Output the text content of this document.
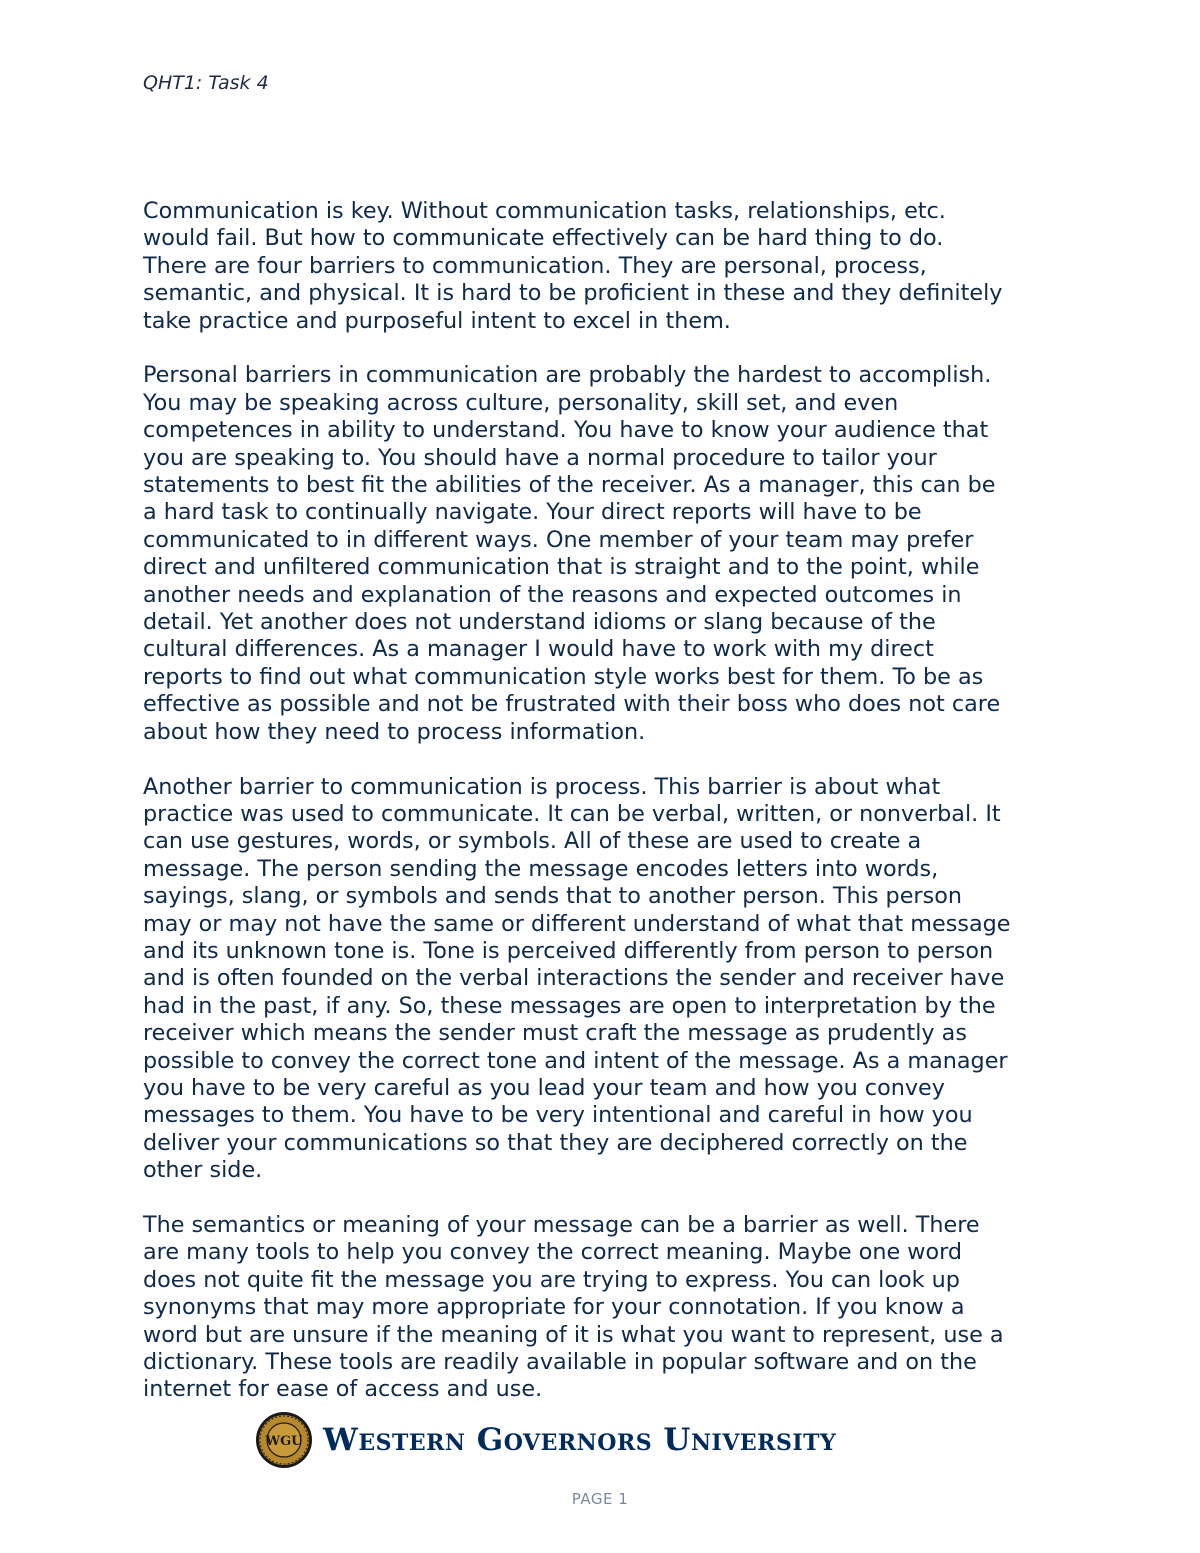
QHT1: Task 4

Communication is key. Without communication tasks, relationships, etc.
would fail. But how to communicate effectively can be hard thing to do.
There are four barriers to communication. They are personal, process,
semantic, and physical. It is hard to be proficient in these and they definitely
take practice and purposeful intent to excel in them.

Personal barriers in communication are probably the hardest to accomplish.
You may be speaking across culture, personality, skill set, and even
competences in ability to understand. You have to know your audience that
you are speaking to. You should have a normal procedure to tailor your
statements to best fit the abilities of the receiver. As a manager, this can be
a hard task to continually navigate. Your direct reports will have to be
communicated to in different ways. One member of your team may prefer
direct and unfiltered communication that is straight and to the point, while
another needs and explanation of the reasons and expected outcomes in
detail. Yet another does not understand idioms or slang because of the
cultural differences. As a manager I would have to work with my direct
reports to find out what communication style works best for them. To be as
effective as possible and not be frustrated with their boss who does not care
about how they need to process information.

Another barrier to communication is process. This barrier is about what
practice was used to communicate. It can be verbal, written, or nonverbal. It
can use gestures, words, or symbols. All of these are used to create a
message. The person sending the message encodes letters into words,
sayings, slang, or symbols and sends that to another person. This person
may or may not have the same or different understand of what that message
and its unknown tone is. Tone is perceived differently from person to person
and is often founded on the verbal interactions the sender and receiver have
had in the past, if any. So, these messages are open to interpretation by the
receiver which means the sender must craft the message as prudently as
possible to convey the correct tone and intent of the message. As a manager
you have to be very careful as you lead your team and how you convey
messages to them. You have to be very intentional and careful in how you
deliver your communications so that they are deciphered correctly on the
other side.

The semantics or meaning of your message can be a barrier as well. There
are many tools to help you convey the correct meaning. Maybe one word
does not quite fit the message you are trying to express. You can look up
synonyms that may more appropriate for your connotation. If you know a
word but are unsure if the meaning of it is what you want to represent, use a
dictionary. These tools are readily available in popular software and on the
internet for ease of access and use.

WGU Western Governors University
PAGE 1
